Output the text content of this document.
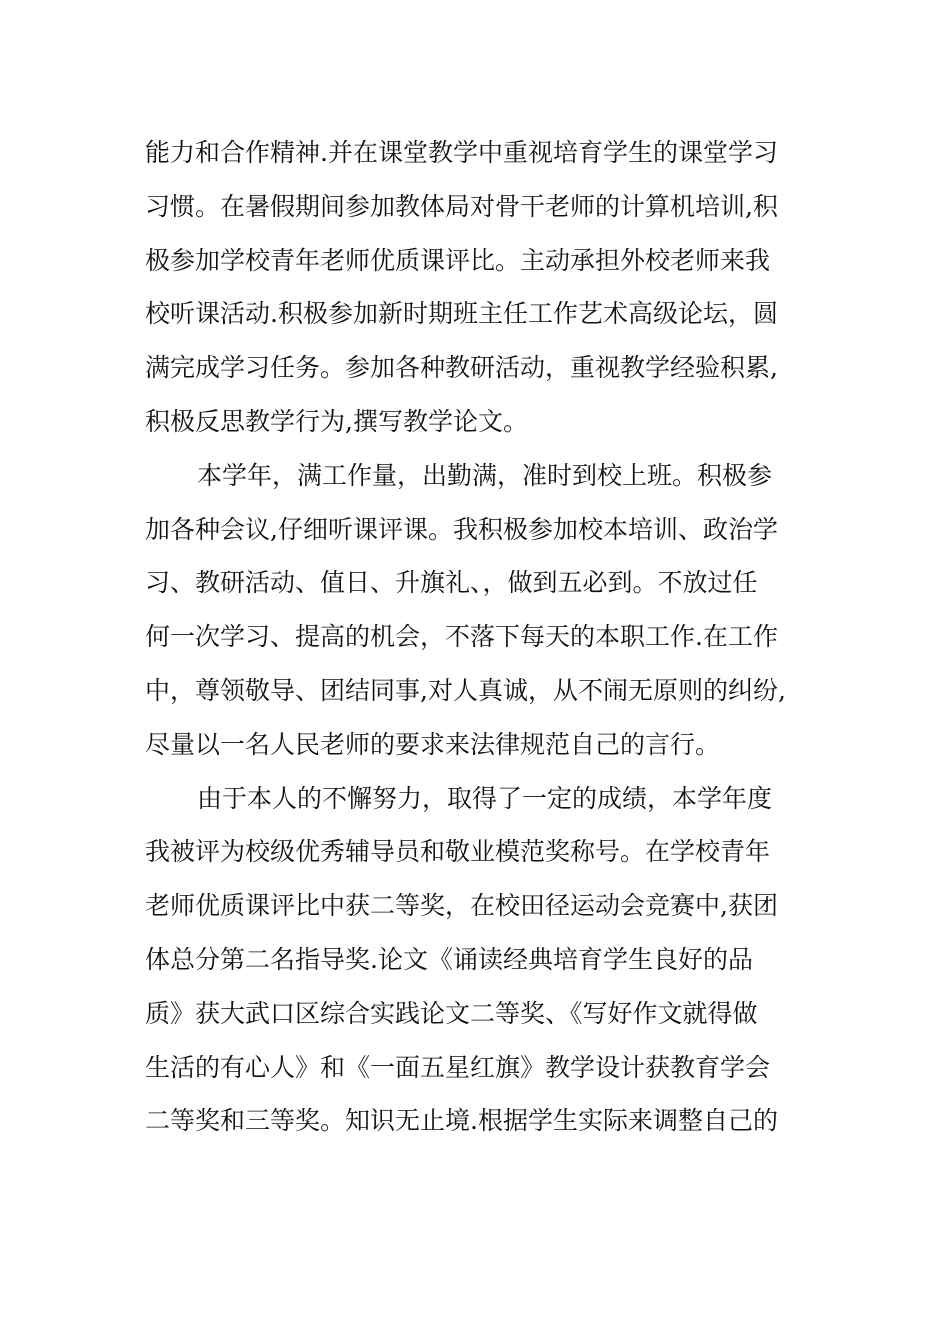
能力和合作精神.并在课堂教学中重视培育学生的课堂学习
习惯。在暑假期间参加教体局对骨干老师的计算机培训,积
极参加学校青年老师优质课评比。主动承担外校老师来我
校听课活动.积极参加新时期班主任工作艺术高级论坛，圆
满完成学习任务。参加各种教研活动，重视教学经验积累,
积极反思教学行为,撰写教学论文。
本学年，满工作量，出勤满，准时到校上班。积极参
加各种会议,仔细听课评课。我积极参加校本培训、政治学
习、教研活动、值日、升旗礼、，做到五必到。不放过任
何一次学习、提高的机会，不落下每天的本职工作.在工作
中，尊领敬导、团结同事,对人真诚，从不闹无原则的纠纷,
尽量以一名人民老师的要求来法律规范自己的言行。
由于本人的不懈努力，取得了一定的成绩，本学年度
我被评为校级优秀辅导员和敬业模范奖称号。在学校青年
老师优质课评比中获二等奖，在校田径运动会竞赛中,获团
体总分第二名指导奖.论文《诵读经典培育学生良好的品
质》获大武口区综合实践论文二等奖、《写好作文就得做
生活的有心人》和《一面五星红旗》教学设计获教育学会
二等奖和三等奖。知识无止境.根据学生实际来调整自己的
